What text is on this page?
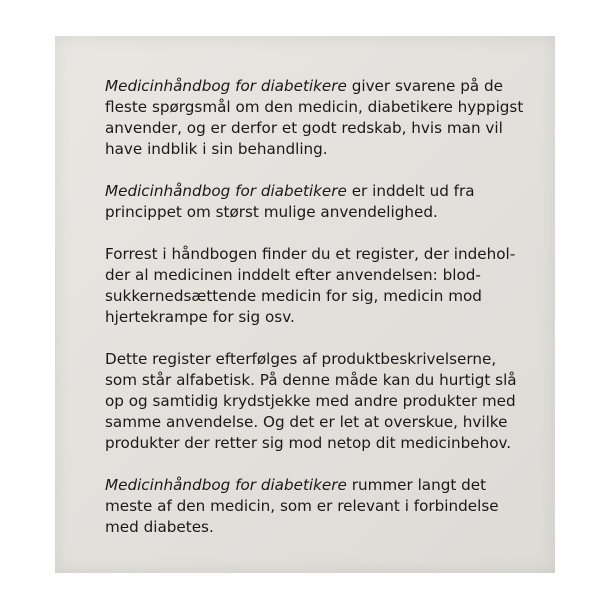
Medicinhåndbog for diabetikere giver svarene på de
fleste spørgsmål om den medicin, diabetikere hyppigst
anvender, og er derfor et godt redskab, hvis man vil
have indblik i sin behandling.

Medicinhåndbog for diabetikere er inddelt ud fra
princippet om størst mulige anvendelighed.

Forrest i håndbogen finder du et register, der indehol-
der al medicinen inddelt efter anvendelsen: blod-
sukkernedsættende medicin for sig, medicin mod
hjertekrampe for sig osv.

Dette register efterfølges af produktbeskrivelserne,
som står alfabetisk. På denne måde kan du hurtigt slå
op og samtidig krydstjekke med andre produkter med
samme anvendelse. Og det er let at overskue, hvilke
produkter der retter sig mod netop dit medicinbehov.

Medicinhåndbog for diabetikere rummer langt det
meste af den medicin, som er relevant i forbindelse
med diabetes.
